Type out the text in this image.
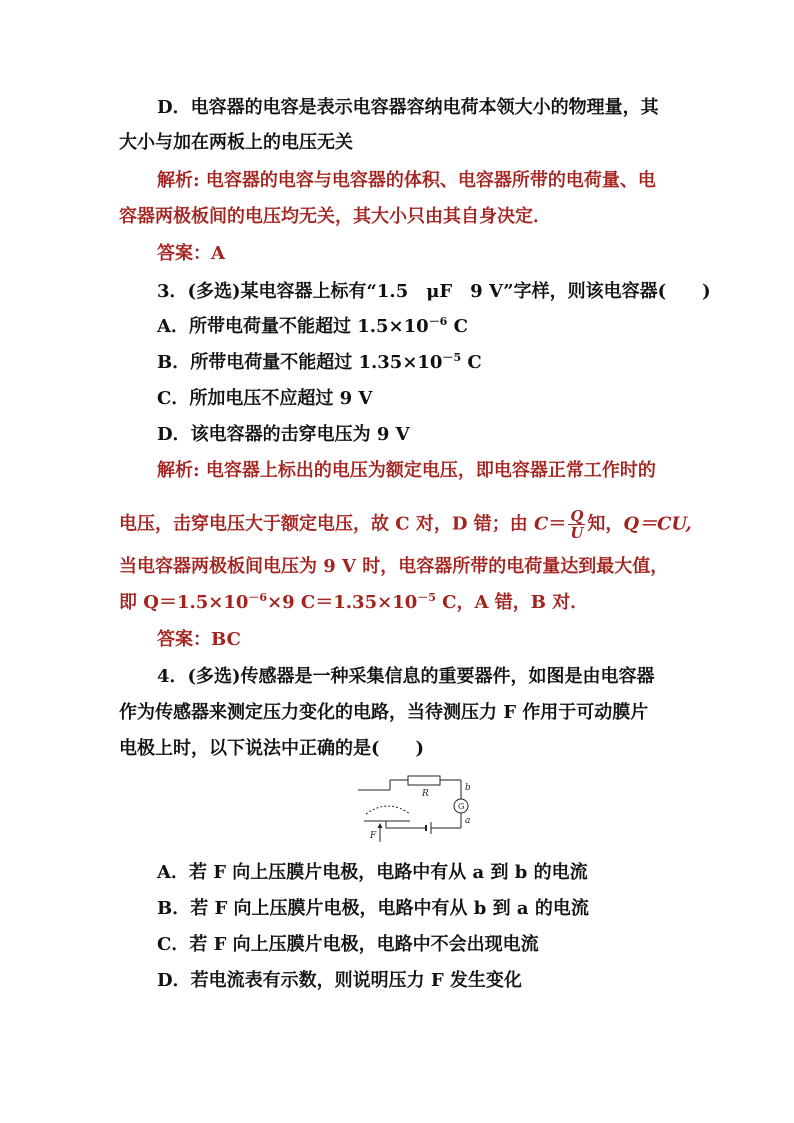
D．电容器的电容是表示电容器容纳电荷本领大小的物理量，其
大小与加在两板上的电压无关
解析: 电容器的电容与电容器的体积、电容器所带的电荷量、电
容器两极板间的电压均无关，其大小只由其自身决定．
答案：A
3．(多选)某电容器上标有“1.5　μF　9 V”字样，则该电容器(　　)
A．所带电荷量不能超过 $1.5\times 10^{-6}$ C
B．所带电荷量不能超过 $1.35\times 10^{-5}$ C
C．所加电压不应超过 9 V
D．该电容器的击穿电压为 9 V
解析: 电容器上标出的电压为额定电压，即电容器正常工作时的
电压，击穿电压大于额定电压，故 C 对，D 错；由 $C= \frac{Q}{U}$ 知，Q＝CU,
当电容器两极板间电压为 9 V 时，电容器所带的电荷量达到最大值，
即 $Q=1.5\times 10^{-6}\times 9$ $C=1.35\times 10^{-5}$ C，A 错，B 对．
答案：BC
4．(多选)传感器是一种采集信息的重要器件，如图是由电容器
作为传感器来测定压力变化的电路，当待测压力 F 作用于可动膜片
电极上时，以下说法中正确的是(　　)
R
G
b
a
F
A．若 F 向上压膜片电极，电路中有从 a 到 b 的电流
B．若 F 向上压膜片电极，电路中有从 b 到 a 的电流
C．若 F 向上压膜片电极，电路中不会出现电流
D．若电流表有示数，则说明压力 F 发生变化
